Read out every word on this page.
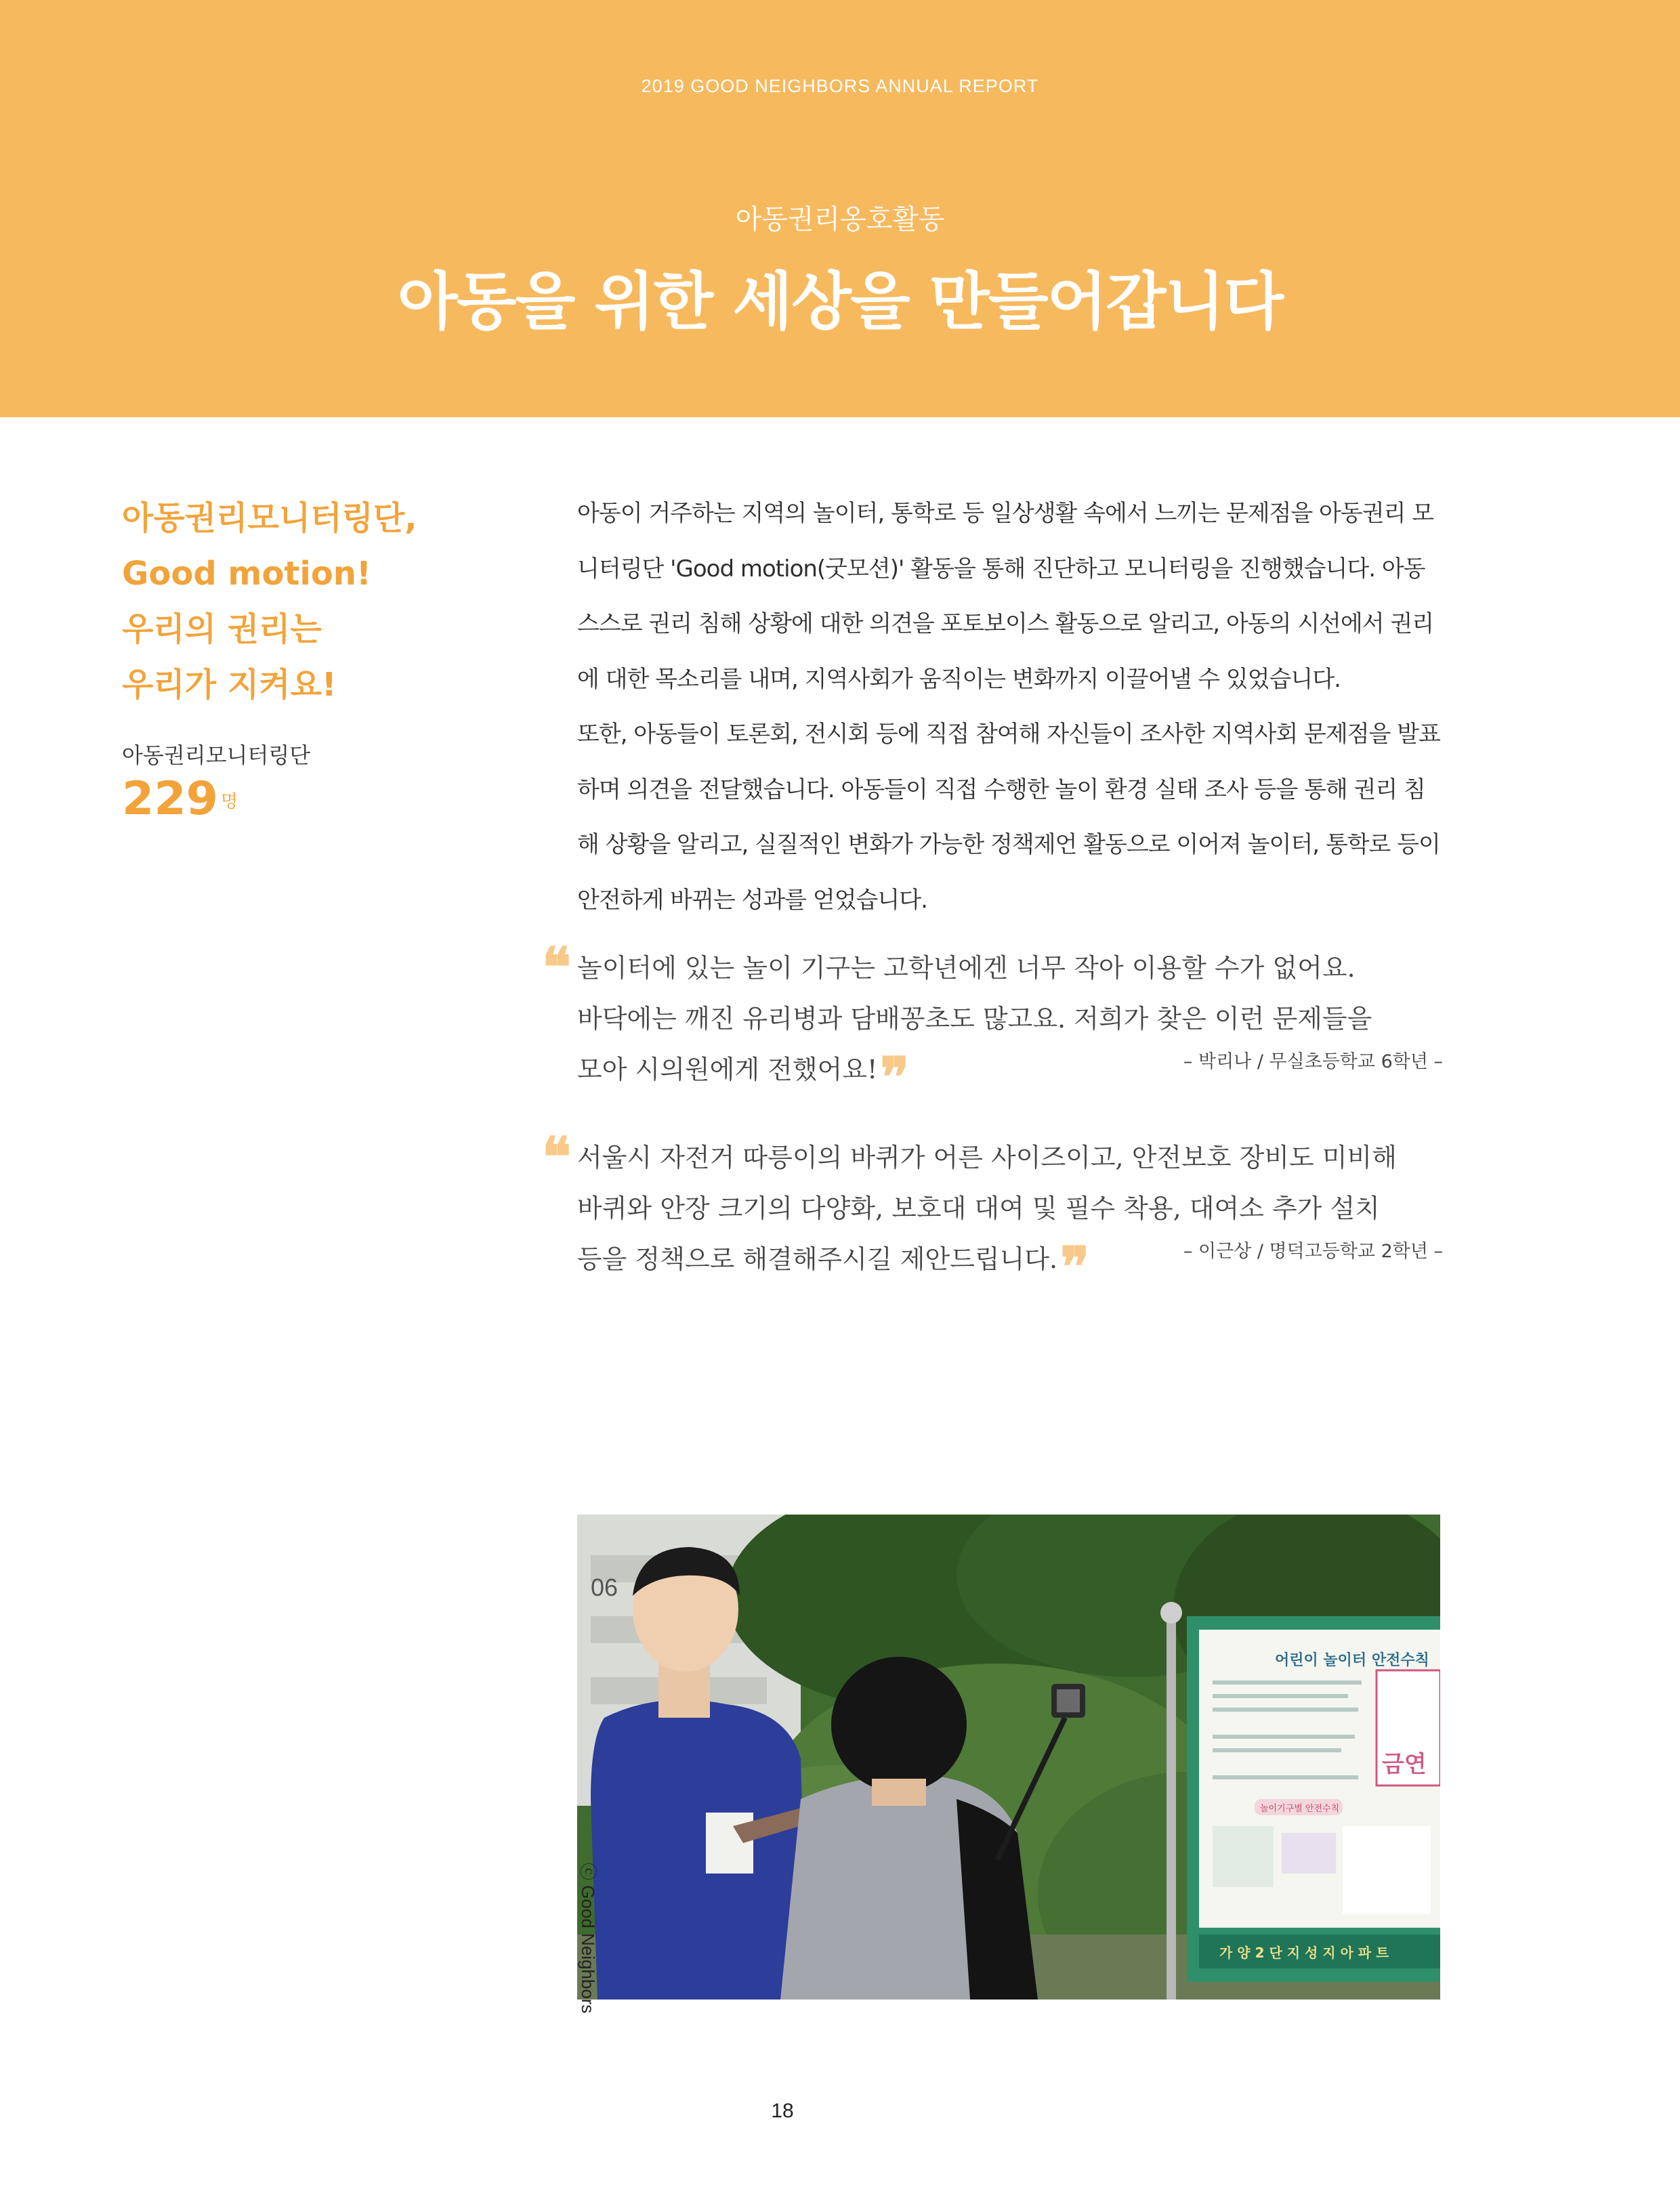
2019 GOOD NEIGHBORS ANNUAL REPORT
아동권리옹호활동
아동을 위한 세상을 만들어갑니다
아동권리모니터링단,
Good motion!
우리의 권리는
우리가 지켜요!
아동권리모니터링단
229 $^명$

아동이 거주하는 지역의 놀이터, 통학로 등 일상생활 속에서 느끼는 문제점을 아동권리 모니터링단 'Good motion(굿모션)' 활동을 통해 진단하고 모니터링을 진행했습니다. 아동 스스로 권리 침해 상황에 대한 의견을 포토보이스 활동으로 알리고, 아동의 시선에서 권리에 대한 목소리를 내며, 지역사회가 움직이는 변화까지 이끌어낼 수 있었습니다.

또한, 아동들이 토론회, 전시회 등에 직접 참여해 자신들이 조사한 지역사회 문제점을 발표하며 의견을 전달했습니다. 아동들이 직접 수행한 놀이 환경 실태 조사 등을 통해 권리 침해 상황을 알리고, 실질적인 변화가 가능한 정책제언 활동으로 이어져 놀이터, 통학로 등이 안전하게 바뀌는 성과를 얻었습니다.

❝ 놀이터에 있는 놀이 기구는 고학년에겐 너무 작아 이용할 수가 없어요.
바닥에는 깨진 유리병과 담배꽁초도 많고요. 저희가 찾은 이런 문제들을
모아 시의원에게 전했어요!❞	– 박리나 / 무실초등학교 6학년 –
❝ 서울시 자전거 따릉이의 바퀴가 어른 사이즈이고, 안전보호 장비도 미비해
바퀴와 안장 크기의 다양화, 보호대 대여 및 필수 착용, 대여소 추가 설치
등을 정책으로 해결해주시길 제안드립니다.❞	– 이근상 / 명덕고등학교 2학년 –
06
어린이 놀이터 안전수칙
놀이기구별 안전수칙
금연
가 양 2 단 지 성 지 아 파 트
ⓒ Good Neighbors
18
